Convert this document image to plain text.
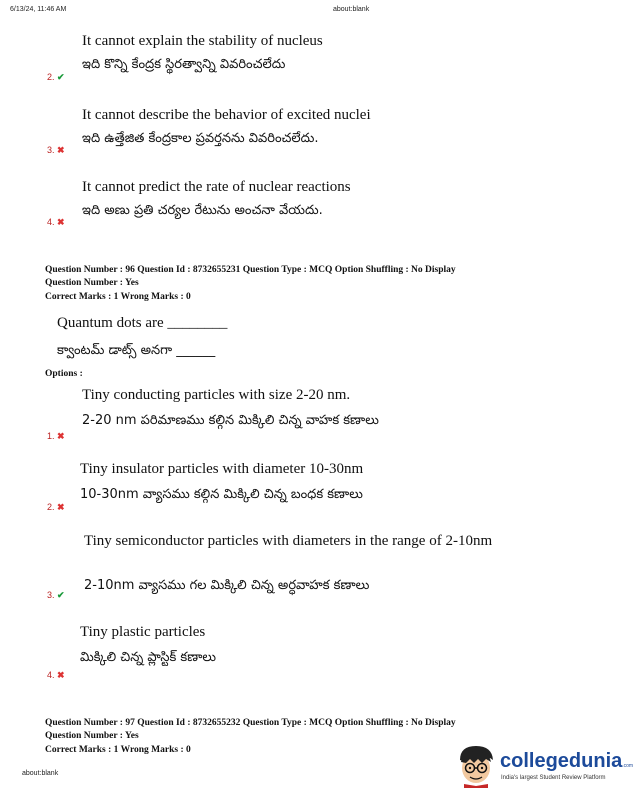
6/13/24, 11:46 AM	about:blank
It cannot explain the stability of nucleus
ఇది కొన్ని కేంద్రక స్థిరత్వాన్ని వివరించలేదు
2. ✔
It cannot describe the behavior of excited nuclei
ఇది ఉత్తేజిత కేంద్రకాల ప్రవర్తనను వివరించలేదు.
3. ✖
It cannot predict the rate of nuclear reactions
ఇది అణు ప్రతి చర్యల రేటును అంచనా వేయదు.
4. ✖
Question Number : 96 Question Id : 8732655231 Question Type : MCQ Option Shuffling : No Display
Question Number : Yes
Correct Marks : 1 Wrong Marks : 0
Quantum dots are ________
క్వాంటమ్ డాట్స్ అనగా ______
Options :
Tiny conducting particles with size 2-20 nm.
2-20 nm పరిమాణము కల్గిన మిక్కిలి చిన్న వాహక కణాలు
1. ✖
Tiny insulator particles with diameter 10-30nm
10-30nm వ్యాసము కల్గిన మిక్కిలి చిన్న బంధక కణాలు
2. ✖
Tiny semiconductor particles with diameters in the range of 2-10nm
2-10nm వ్యాసము గల మిక్కిలి చిన్న అర్ధవాహక కణాలు
3. ✔
Tiny plastic particles
మిక్కిలి చిన్న ప్లాస్టిక్ కణాలు
4. ✖
Question Number : 97 Question Id : 8732655232 Question Type : MCQ Option Shuffling : No Display
Question Number : Yes
Correct Marks : 1 Wrong Marks : 0
about:blank
collegedunia.com
India's largest Student Review Platform
